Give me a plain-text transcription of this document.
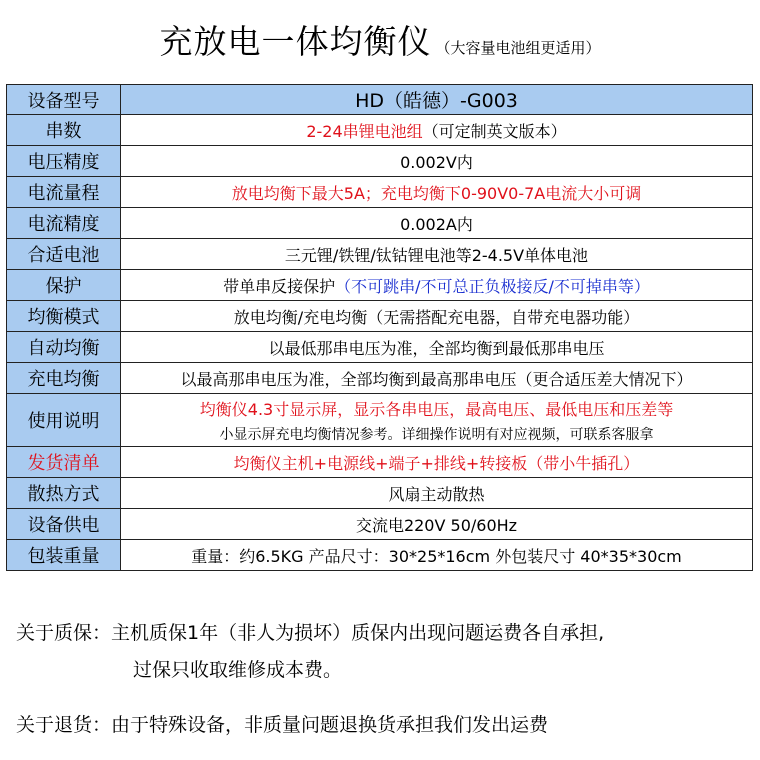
充放电一体均衡仪 （大容量电池组更适用）
设备型号	HD（皓德）-G003
串数	2-24串锂电池组（可定制英文版本）
电压精度	0.002V内
电流量程	放电均衡下最大5A；充电均衡下0-90V0-7A电流大小可调
电流精度	0.002A内
合适电池	三元锂/铁锂/钛钴锂电池等2-4.5V单体电池
保护	带单串反接保护（不可跳串/不可总正负极接反/不可掉串等）
均衡模式	放电均衡/充电均衡（无需搭配充电器，自带充电器功能）
自动均衡	以最低那串电压为准，全部均衡到最低那串电压
充电均衡	以最高那串电压为准，全部均衡到最高那串电压（更合适压差大情况下）
使用说明	均衡仪4.3寸显示屏，显示各串电压，最高电压、最低电压和压差等
小显示屏充电均衡情况参考。详细操作说明有对应视频，可联系客服拿

发货清单	均衡仪主机+电源线+端子+排线+转接板（带小牛插孔）
散热方式	风扇主动散热
设备供电	交流电220V 50/60Hz
包装重量	重量：约6.5KG 产品尺寸：30*25*16cm 外包装尺寸 40*35*30cm
关于质保：主机质保1年（非人为损坏）质保内出现问题运费各自承担,
过保只收取维修成本费。
关于退货：由于特殊设备，非质量问题退换货承担我们发出运费
